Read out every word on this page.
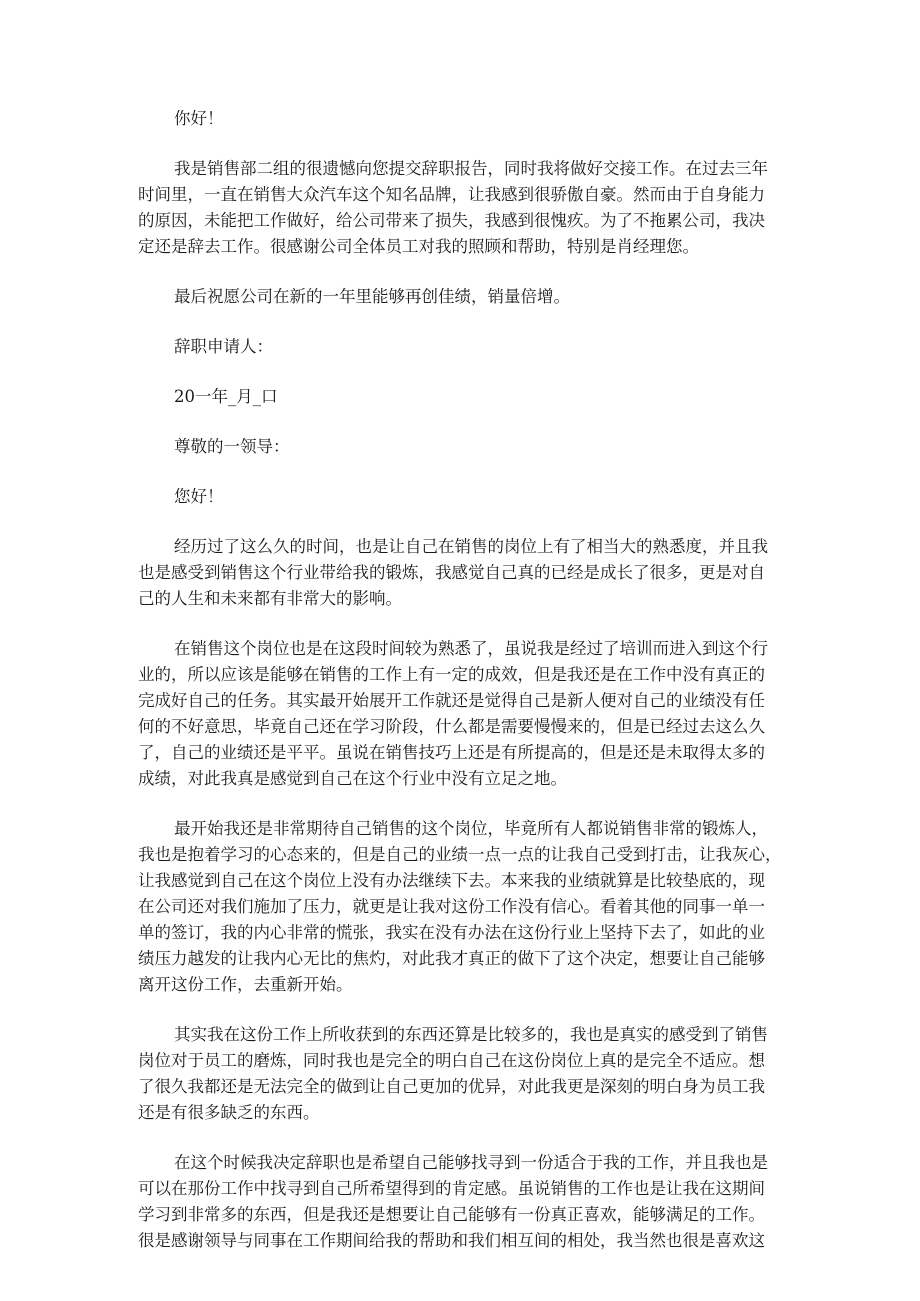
你好！
我是销售部二组的很遗憾向您提交辞职报告，同时我将做好交接工作。在过去三年
时间里，一直在销售大众汽车这个知名品牌，让我感到很骄傲自豪。然而由于自身能力
的原因，未能把工作做好，给公司带来了损失，我感到很愧疚。为了不拖累公司，我决
定还是辞去工作。很感谢公司全体员工对我的照顾和帮助，特别是肖经理您。
最后祝愿公司在新的一年里能够再创佳绩，销量倍增。
辞职申请人：
20一年_月_口
尊敬的一领导：
您好！
经历过了这么久的时间，也是让自己在销售的岗位上有了相当大的熟悉度，并且我
也是感受到销售这个行业带给我的锻炼，我感觉自己真的已经是成长了很多，更是对自
己的人生和未来都有非常大的影响。
在销售这个岗位也是在这段时间较为熟悉了，虽说我是经过了培训而进入到这个行
业的，所以应该是能够在销售的工作上有一定的成效，但是我还是在工作中没有真正的
完成好自己的任务。其实最开始展开工作就还是觉得自己是新人便对自己的业绩没有任
何的不好意思，毕竟自己还在学习阶段，什么都是需要慢慢来的，但是已经过去这么久
了，自己的业绩还是平平。虽说在销售技巧上还是有所提高的，但是还是未取得太多的
成绩，对此我真是感觉到自己在这个行业中没有立足之地。
最开始我还是非常期待自己销售的这个岗位，毕竟所有人都说销售非常的锻炼人，
我也是抱着学习的心态来的，但是自己的业绩一点一点的让我自己受到打击，让我灰心，
让我感觉到自己在这个岗位上没有办法继续下去。本来我的业绩就算是比较垫底的，现
在公司还对我们施加了压力，就更是让我对这份工作没有信心。看着其他的同事一单一
单的签订，我的内心非常的慌张，我实在没有办法在这份行业上坚持下去了，如此的业
绩压力越发的让我内心无比的焦灼，对此我才真正的做下了这个决定，想要让自己能够
离开这份工作，去重新开始。
其实我在这份工作上所收获到的东西还算是比较多的，我也是真实的感受到了销售
岗位对于员工的磨炼，同时我也是完全的明白自己在这份岗位上真的是完全不适应。想
了很久我都还是无法完全的做到让自己更加的优异，对此我更是深刻的明白身为员工我
还是有很多缺乏的东西。
在这个时候我决定辞职也是希望自己能够找寻到一份适合于我的工作，并且我也是
可以在那份工作中找寻到自己所希望得到的肯定感。虽说销售的工作也是让我在这期间
学习到非常多的东西，但是我还是想要让自己能够有一份真正喜欢，能够满足的工作。
很是感谢领导与同事在工作期间给我的帮助和我们相互间的相处，我当然也很是喜欢这
